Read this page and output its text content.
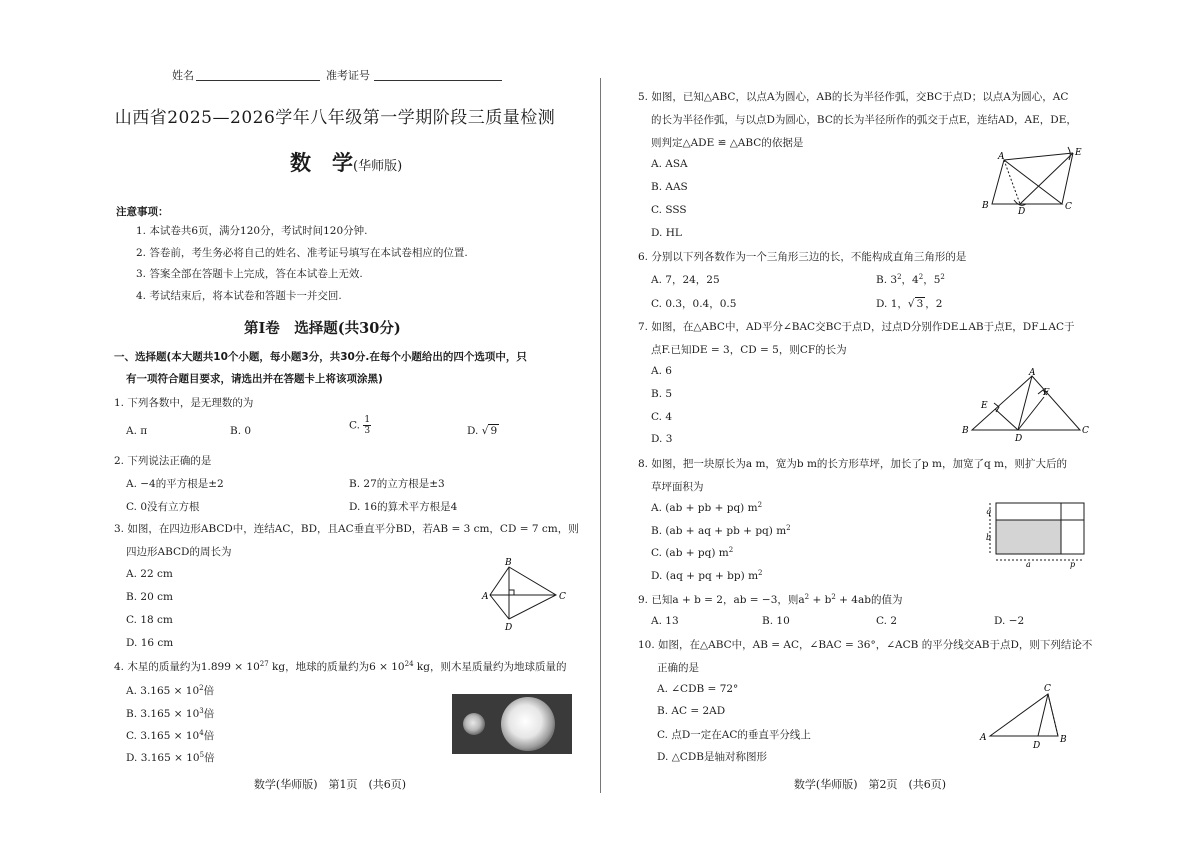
姓名	准考证号
山西省2025—2026学年八年级第一学期阶段三质量检测
数　学(华师版)
注意事项：
1. 本试卷共6页，满分120分，考试时间120分钟.
2. 答卷前，考生务必将自己的姓名、准考证号填写在本试卷相应的位置.
3. 答案全部在答题卡上完成，答在本试卷上无效.
4. 考试结束后，将本试卷和答题卡一并交回.
第Ⅰ卷　选择题(共30分)
一、选择题(本大题共10个小题，每小题3分，共30分.在每个小题给出的四个选项中，只
有一项符合题目要求，请选出并在答题卡上将该项涂黑)
1. 下列各数中，是无理数的为
A. π	B. 0	C. $\frac{1}{3}$	D. √ 9
2. 下列说法正确的是
A. −4的平方根是±2	B. 27的立方根是±3
C. 0没有立方根	D. 16的算术平方根是4
3. 如图，在四边形ABCD中，连结AC，BD，且AC垂直平分BD，若AB = 3 cm，CD = 7 cm，则
四边形ABCD的周长为
A. 22 cm
B. 20 cm
C. 18 cm
D. 16 cm
A
B
C
D
4. 木星的质量约为$1.899 \times 10^{27}$ kg，地球的质量约为$6 \times 10^{24}$ kg，则木星质量约为地球质量的
A. $3.165 \times 10^2$倍
B. $3.165 \times 10^3$倍
C. $3.165 \times 10^4$倍
D. $3.165 \times 10^5$倍
数学(华师版)　第1页　(共6页)
5. 如图，已知△ABC，以点A为圆心，AB的长为半径作弧，交BC于点D；以点A为圆心，AC
的长为半径作弧，与以点D为圆心，BC的长为半径所作的弧交于点E，连结AD，AE，DE，
则判定△ADE ≌ △ABC的依据是
A. ASA
B. AAS
C. SSS
D. HL
A
B	C
D
E
6. 分别以下列各数作为一个三角形三边的长，不能构成直角三角形的是
A. 7，24，25	B. $3^2$，$4^2$，$5^2$
C. 0.3，0.4，0.5	D. 1，√ 3 ，2
7. 如图，在△ABC中，AD平分∠BAC交BC于点D，过点D分别作DE⊥AB于点E，DF⊥AC于
点F.已知DE = 3，CD = 5，则CF的长为
A. 6
B. 5
C. 4
D. 3
A
B	C
D
E
F
8. 如图，把一块原长为a m，宽为b m的长方形草坪，加长了p m，加宽了q m，则扩大后的
草坪面积为
A. (ab + pb + pq) $m^2$
B. (ab + aq + pb + pq) $m^2$
C. (ab + pq) $m^2$
D. (aq + pq + bp) $m^2$
q
b
a	p
9. 已知a + b = 2，ab = −3，则$a^2 + b^2 + 4ab$的值为
A. 13	B. 10	C. 2	D. −2
10. 如图，在△ABC中，AB = AC，∠BAC = 36°，∠ACB 的平分线交AB于点D，则下列结论不
正确的是
A. ∠CDB = 72°
B. AC = 2AD
C. 点D一定在AC的垂直平分线上
D. △CDB是轴对称图形
A	B
C
D
数学(华师版)　第2页　(共6页)
